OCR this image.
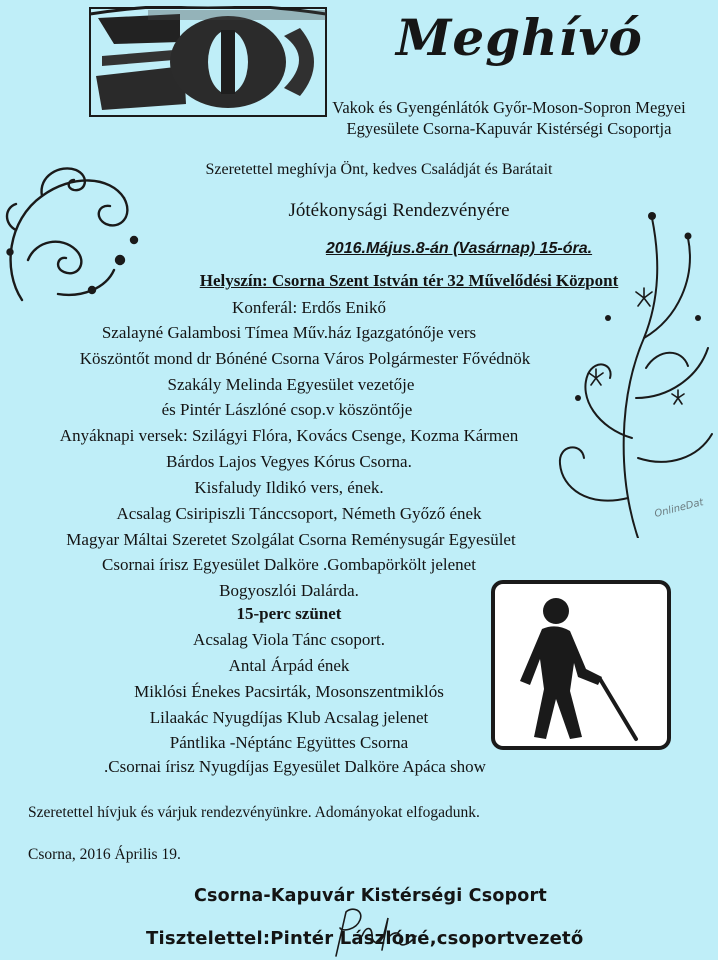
Meghívó
Vakok és Gyengénlátók Győr-Moson-Sopron Megyei
Egyesülete Csorna-Kapuvár Kistérségi Csoportja
OnlineDat
Szeretettel meghívja Önt, kedves Családját és Barátait
Jótékonysági Rendezvényére
2016.Május.8-án (Vasárnap) 15-óra.
Helyszín: Csorna Szent István tér 32 Művelődési Központ
Konferál: Erdős Enikő
Szalayné Galambosi Tímea Műv.ház Igazgatónője vers
Köszöntőt mond dr Bónéné Csorna Város Polgármester Fővédnök
Szakály Melinda Egyesület vezetője
és Pintér Lászlóné csop.v köszöntője
Anyáknapi versek: Szilágyi Flóra, Kovács Csenge, Kozma Kármen
Bárdos Lajos Vegyes Kórus Csorna.
Kisfaludy Ildikó vers, ének.
Acsalag Csiripiszli Tánccsoport, Németh Győző ének
Magyar Máltai Szeretet Szolgálat Csorna Reménysugár Egyesület
Csornai írisz Egyesület Dalköre .Gombapörkölt jelenet
Bogyoszlói Dalárda.
15-perc szünet
Acsalag Viola Tánc csoport.
Antal Árpád ének
Miklósi Énekes Pacsirták, Mosonszentmiklós
Lilaakác Nyugdíjas Klub Acsalag jelenet
Pántlika -Néptánc Együttes Csorna
.Csornai írisz Nyugdíjas Egyesület Dalköre Apáca show
Szeretettel hívjuk és várjuk rendezvényünkre. Adományokat elfogadunk.
Csorna, 2016 Április 19.
Csorna-Kapuvár Kistérségi Csoport
Tisztelettel:Pintér Lászlóné,csoportvezető
